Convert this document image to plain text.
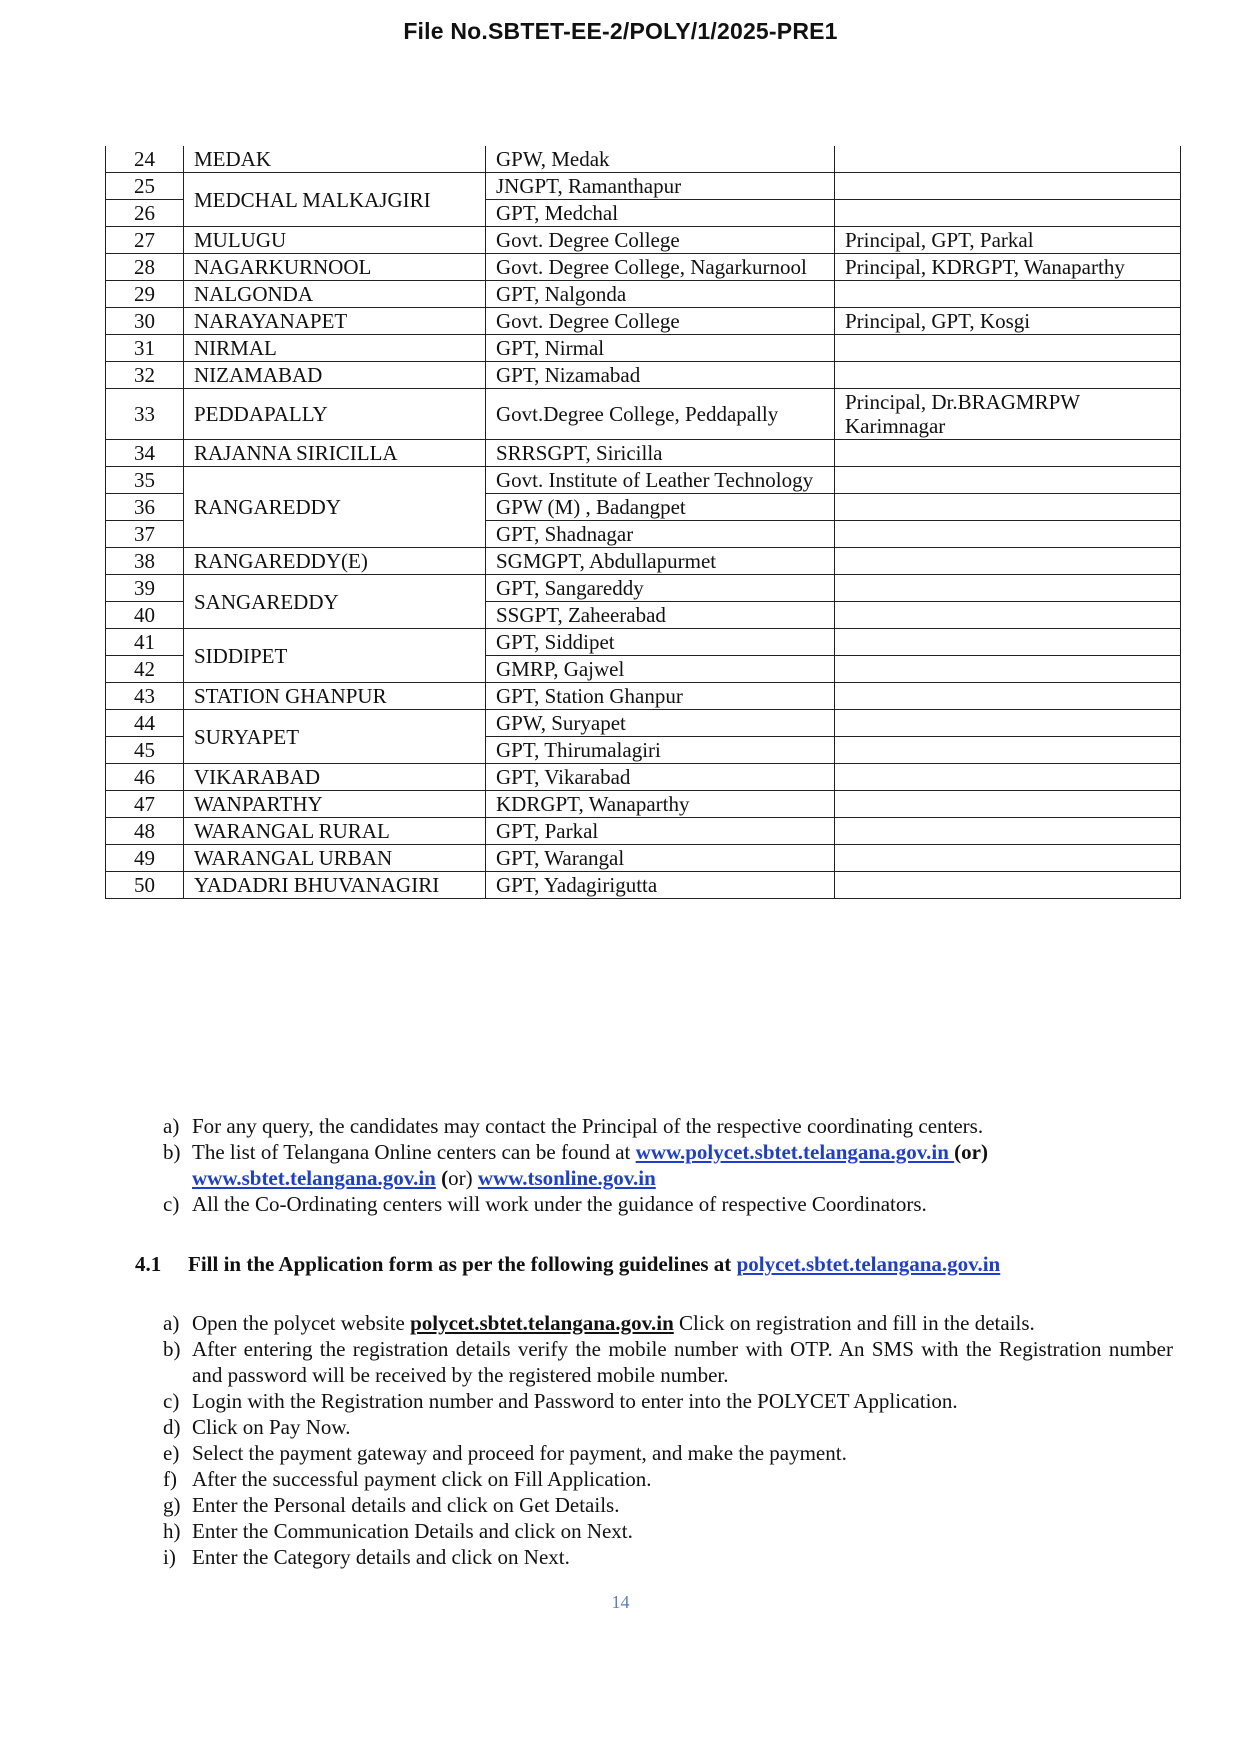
File No.SBTET-EE-2/POLY/1/2025-PRE1
24	MEDAK	GPW, Medak	
25	MEDCHAL MALKAJGIRI	JNGPT, Ramanthapur	
26		GPT, Medchal	
27	MULUGU	Govt. Degree College	Principal, GPT, Parkal
28	NAGARKURNOOL	Govt. Degree College, Nagarkurnool	Principal, KDRGPT, Wanaparthy
29	NALGONDA	GPT, Nalgonda	
30	NARAYANAPET	Govt. Degree College	Principal, GPT, Kosgi
31	NIRMAL	GPT, Nirmal	
32	NIZAMABAD	GPT, Nizamabad	
33	PEDDAPALLY	Govt.Degree College, Peddapally	Principal, Dr.BRAGMRPW Karimnagar
34	RAJANNA SIRICILLA	SRRSGPT, Siricilla	
35	RANGAREDDY	Govt. Institute of Leather Technology	
36		GPW (M) , Badangpet	
37		GPT, Shadnagar	
38	RANGAREDDY(E)	SGMGPT, Abdullapurmet	
39	SANGAREDDY	GPT, Sangareddy	
40		SSGPT, Zaheerabad	
41	SIDDIPET	GPT, Siddipet	
42		GMRP, Gajwel	
43	STATION GHANPUR	GPT, Station Ghanpur	
44	SURYAPET	GPW, Suryapet	
45		GPT, Thirumalagiri	
46	VIKARABAD	GPT, Vikarabad	
47	WANPARTHY	KDRGPT, Wanaparthy	
48	WARANGAL RURAL	GPT, Parkal	
49	WARANGAL URBAN	GPT, Warangal	
50	YADADRI BHUVANAGIRI	GPT, Yadagirigutta	
a) For any query, the candidates may contact the Principal of the respective coordinating centers.
b) The list of Telangana Online centers can be found at www.polycet.sbtet.telangana.gov.in (or)
www.sbtet.telangana.gov.in (or) www.tsonline.gov.in
c) All the Co-Ordinating centers will work under the guidance of respective Coordinators.
4.1 Fill in the Application form as per the following guidelines at polycet.sbtet.telangana.gov.in
a) Open the polycet website polycet.sbtet.telangana.gov.in Click on registration and fill in the details.
b) After entering the registration details verify the mobile number with OTP. An SMS with the Registration number and password will be received by the registered mobile number.
c) Login with the Registration number and Password to enter into the POLYCET Application.
d) Click on Pay Now.
e) Select the payment gateway and proceed for payment, and make the payment.
f) After the successful payment click on Fill Application.
g) Enter the Personal details and click on Get Details.
h) Enter the Communication Details and click on Next.
i) Enter the Category details and click on Next.
14
